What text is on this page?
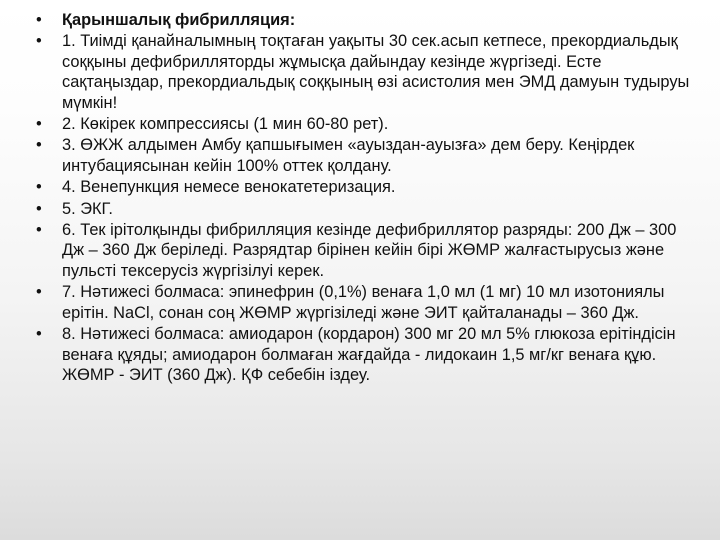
•	Қарыншалық фибрилляция:
•	1. Тиімді қанайналымның тоқтаған уақыты 30 сек.асып кетпесе, прекордиальдық соққыны дефибрилляторды жұмысқа дайындау кезінде жүргізеді. Есте сақтаңыздар, прекордиальдық соққының өзі асистолия мен ЭМД дамуын тудыруы мүмкін!
•	2. Көкірек компрессиясы (1 мин 60-80 рет).
•	3. ӨЖЖ алдымен Амбу қапшығымен «ауыздан-ауызға» дем беру. Кеңірдек интубациясынан кейін 100% оттек қолдану.
•	4. Венепункция немесе венокатетеризация.
•	5. ЭКГ.
•	6. Тек ірітолқынды фибрилляция кезінде дефибриллятор разряды: 200 Дж – 300 Дж – 360 Дж беріледі. Разрядтар бірінен кейін бірі ЖӨМР жалғастырусыз және пульсті тексерусіз жүргізілуі керек.
•	7. Нәтижесі болмаса: эпинефрин (0,1%) венаға 1,0 мл (1 мг) 10 мл изотониялы ерітін. NaCl, сонан соң ЖӨМР жүргізіледі және ЭИТ қайталанады – 360 Дж.
•	8. Нәтижесі болмаса: амиодарон (кордарон) 300 мг 20 мл 5% глюкоза ерітіндісін венаға құяды; амиодарон болмаған жағдайда - лидокаин 1,5 мг/кг венаға құю. ЖӨМР - ЭИТ (360 Дж). ҚФ себебін іздеу.
